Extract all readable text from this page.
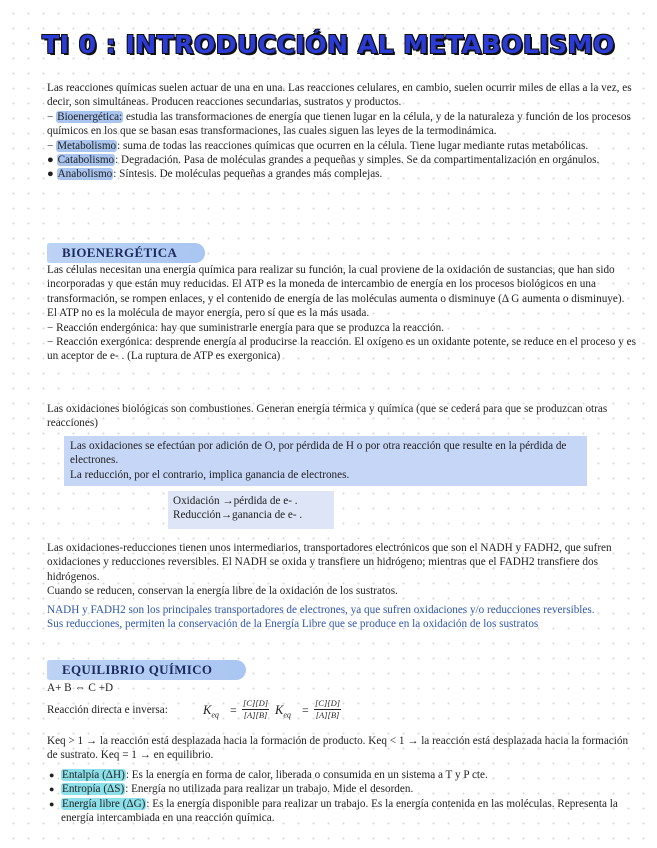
TI 0 : INTRODUCCIÓN AL METABOLISMO

Las reacciones químicas suelen actuar de una en una. Las reacciones celulares, en cambio, suelen ocurrir miles de ellas a la vez, es decir, son simultáneas. Producen reacciones secundarias, sustratos y productos.

− Bioenergética: estudia las transformaciones de energía que tienen lugar en la célula, y de la naturaleza y función de los procesos químicos en los que se basan esas transformaciones, las cuales siguen las leyes de la termodinámica.

− Metabolismo: suma de todas las reacciones químicas que ocurren en la célula. Tiene lugar mediante rutas metabólicas.

● Catabolismo: Degradación. Pasa de moléculas grandes a pequeñas y simples. Se da compartimentalización en orgánulos.

● Anabolismo: Síntesis. De moléculas pequeñas a grandes más complejas.

BIOENERGÉTICA

Las células necesitan una energía química para realizar su función, la cual proviene de la oxidación de sustancias, que han sido incorporadas y que están muy reducidas. El ATP es la moneda de intercambio de energía en los procesos biológicos en una transformación, se rompen enlaces, y el contenido de energía de las moléculas aumenta o disminuye (Δ G aumenta o disminuye). El ATP no es la molécula de mayor energía, pero sí que es la más usada.

− Reacción endergónica: hay que suministrarle energía para que se produzca la reacción.

− Reacción exergónica: desprende energía al producirse la reacción. El oxígeno es un oxidante potente, se reduce en el proceso y es un aceptor de e- . (La ruptura de ATP es exergonica)

Las oxidaciones biológicas son combustiones. Generan energía térmica y química (que se cederá para que se produzcan otras reacciones)
Las oxidaciones se efectúan por adición de O, por pérdida de H o por otra reacción que resulte en la pérdida de electrones.
La reducción, por el contrario, implica ganancia de electrones.
Oxidación →pérdida de e- .
Reducción→ganancia de e- .

Las oxidaciones-reducciones tienen unos intermediarios, transportadores electrónicos que son el NADH y FADH2, que sufren oxidaciones y reducciones reversibles. El NADH se oxida y transfiere un hidrógeno; mientras que el FADH2 transfiere dos hidrógenos.

Cuando se reducen, conservan la energía libre de la oxidación de los sustratos.

NADH y FADH2 son los principales transportadores de electrones, ya que sufren oxidaciones y/o reducciones reversibles.

Sus reducciones, permiten la conservación de la Energía Libre que se produce en la oxidación de los sustratos

EQUILIBRIO QUÍMICO
A+ B ⇔ C +D
Reacción directa e inversa:	$K_{eq} = \frac{[C][D]}{[A][B]} K_{eq} = \frac{[C][D]}{[A][B]}$
Keq > 1 → la reacción está desplazada hacia la formación de producto. Keq < 1 → la reacción está desplazada hacia la formación de sustrato. Keq = 1 → en equilibrio.
● Entalpía (ΔH): Es la energía en forma de calor, liberada o consumida en un sistema a T y P cte.
● Entropía (ΔS): Energía no utilizada para realizar un trabajo. Mide el desorden.
● Energía libre (ΔG): Es la energía disponible para realizar un trabajo. Es la energía contenida en las moléculas. Representa la energía intercambiada en una reacción química.
